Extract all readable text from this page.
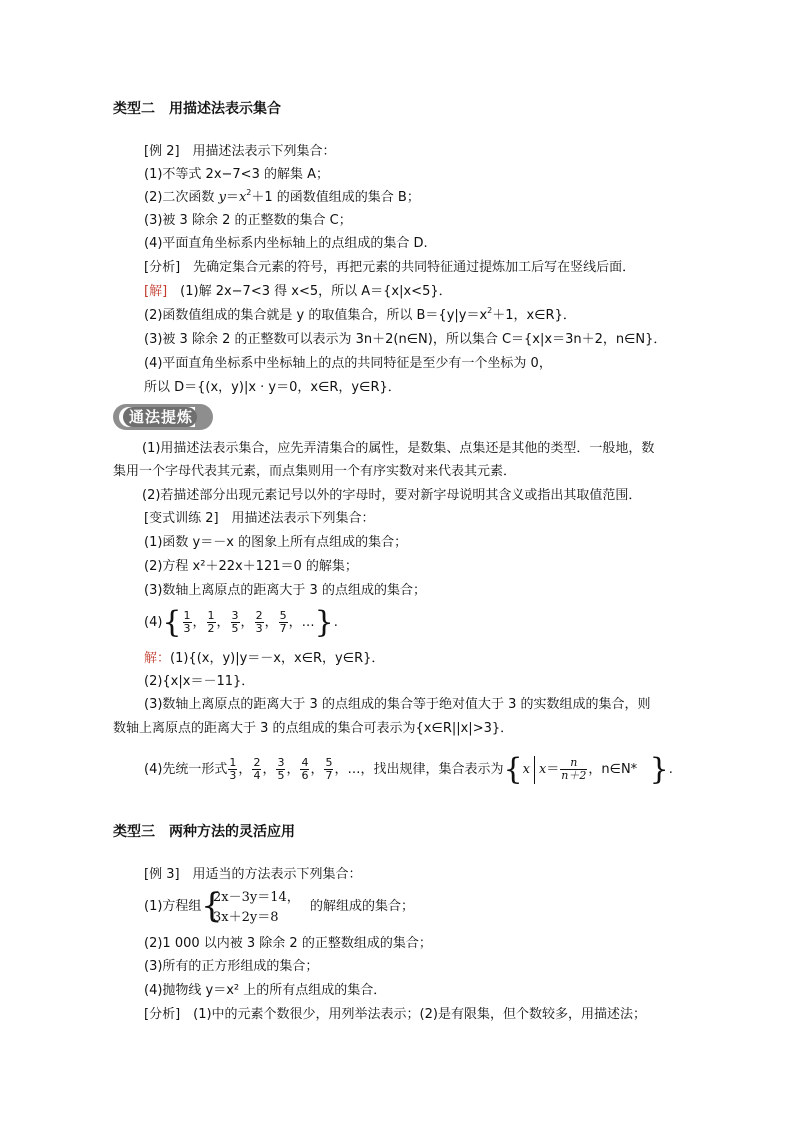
类型二　用描述法表示集合
[例 2]　用描述法表示下列集合：
(1)不等式 2x−7<3 的解集 A；
(2)二次函数 $y=x^2+1$ 的函数值组成的集合 B；
(3)被 3 除余 2 的正整数的集合 C；
(4)平面直角坐标系内坐标轴上的点组成的集合 D.
[分析]　先确定集合元素的符号，再把元素的共同特征通过提炼加工后写在竖线后面．
[解]　(1)解 2x−7<3 得 x<5，所以 A＝{x|x<5}．
(2)函数值组成的集合就是 y 的取值集合，所以 $B=\{y|y=x^2+1$，x∈R}．
(3)被 3 除余 2 的正整数可以表示为 3n＋2(n∈N)，所以集合 C＝{x|x＝3n＋2，n∈N}．
(4)平面直角坐标系中坐标轴上的点的共同特征是至少有一个坐标为 0，
所以 D＝{(x，y)|x · y＝0，x∈R，y∈R}．
通法提炼
(1)用描述法表示集合，应先弄清集合的属性，是数集、点集还是其他的类型．一般地，数
集用一个字母代表其元素，而点集则用一个有序实数对来代表其元素．
(2)若描述部分出现元素记号以外的字母时，要对新字母说明其含义或指出其取值范围．
[变式训练 2]　用描述法表示下列集合：
(1)函数 y＝－x 的图象上所有点组成的集合；
(2)方程 x²＋22x＋121＝0 的解集；
(3)数轴上离原点的距离大于 3 的点组成的集合；
$(4)\{ \frac{1}{3}$ ， $\frac{1}{2}$ ， $\frac{3}{5}$ ， $\frac{2}{3}$ ， $\frac{5}{7}$ ，…}.
解：(1){(x，y)|y＝－x，x∈R，y∈R}．
(2){x|x＝－11}．
(3)数轴上离原点的距离大于 3 的点组成的集合等于绝对值大于 3 的实数组成的集合，则
数轴上离原点的距离大于 3 的点组成的集合可表示为{x∈R||x|>3}．
(4)先统一形式 $\frac{1}{3}$ ， $\frac{2}{4}$ ， $\frac{3}{5}$ ， $\frac{4}{6}$ ， $\frac{5}{7}$ ，…，找出规律，集合表示为{x $x= \frac{n}{n+2}$ ，n∈N* }.
类型三　两种方法的灵活应用
[例 3]　用适当的方法表示下列集合：
(1)方程组 {
2x－3y＝14，
3x＋2y＝8
的解组成的集合；
(2)1 000 以内被 3 除余 2 的正整数组成的集合；
(3)所有的正方形组成的集合；
(4)抛物线 y＝x² 上的所有点组成的集合．
[分析]　(1)中的元素个数很少，用列举法表示；(2)是有限集，但个数较多，用描述法；
